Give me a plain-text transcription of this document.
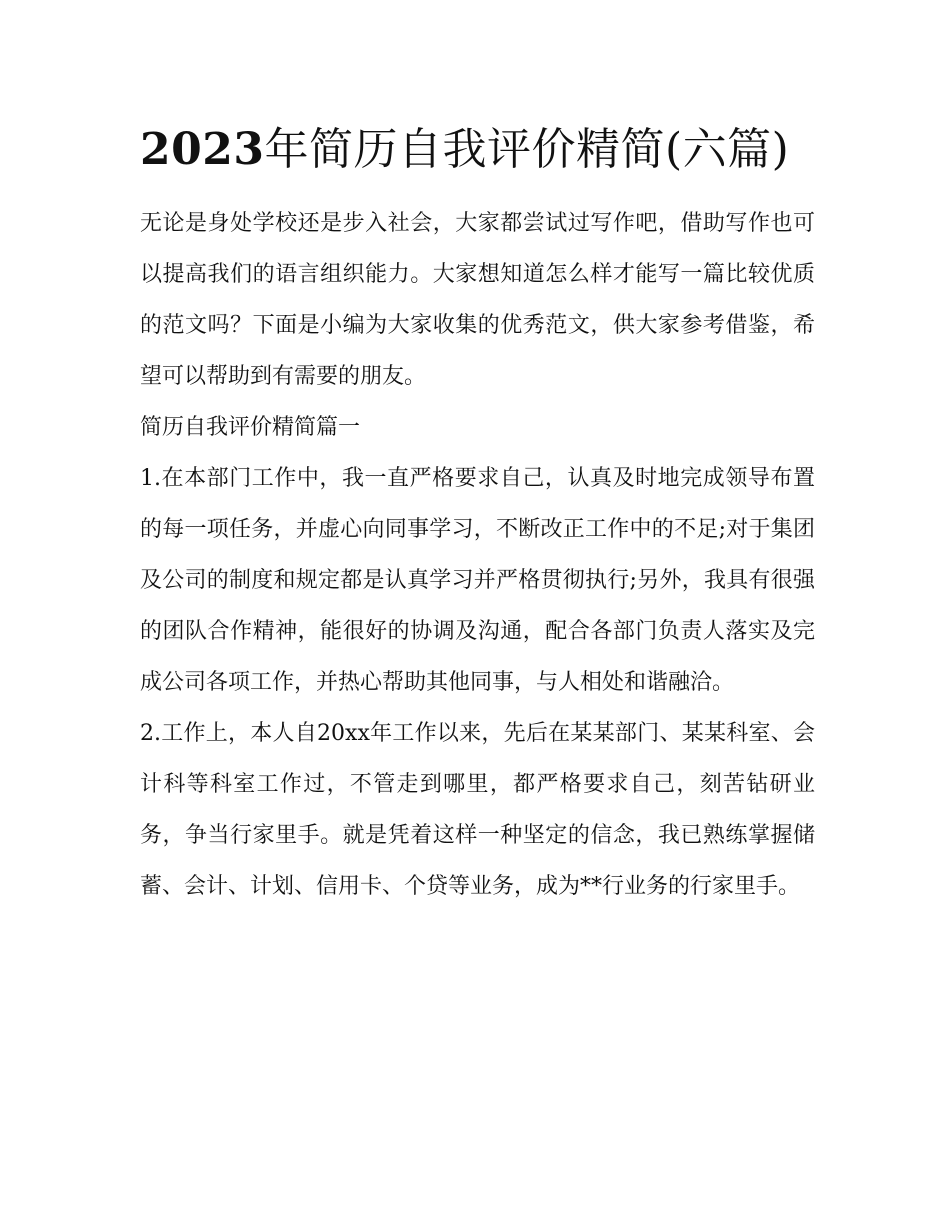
2023年简历自我评价精简(六篇)

无论是身处学校还是步入社会，大家都尝试过写作吧，借助写作也可以提高我们的语言组织能力。大家想知道怎么样才能写一篇比较优质的范文吗？下面是小编为大家收集的优秀范文，供大家参考借鉴，希望可以帮助到有需要的朋友。

简历自我评价精简篇一

1.在本部门工作中，我一直严格要求自己，认真及时地完成领导布置的每一项任务，并虚心向同事学习，不断改正工作中的不足;对于集团及公司的制度和规定都是认真学习并严格贯彻执行;另外，我具有很强的团队合作精神，能很好的协调及沟通，配合各部门负责人落实及完成公司各项工作，并热心帮助其他同事，与人相处和谐融洽。

2.工作上，本人自20xx年工作以来，先后在某某部门、某某科室、会计科等科室工作过，不管走到哪里，都严格要求自己，刻苦钻研业务，争当行家里手。就是凭着这样一种坚定的信念，我已熟练掌握储蓄、会计、计划、信用卡、个贷等业务，成为**行业务的行家里手。
